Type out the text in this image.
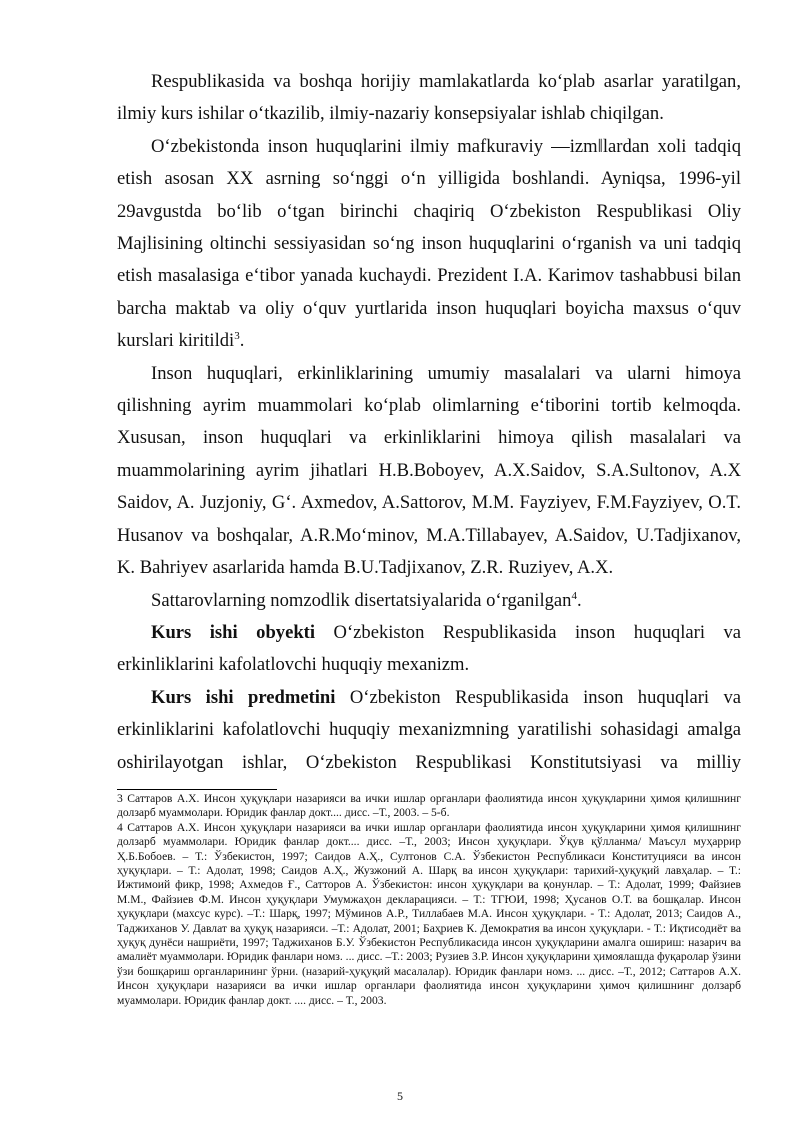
Respublikasida va boshqa horijiy mamlakatlarda ko‘plab asarlar yaratilgan, ilmiy kurs ishilar o‘tkazilib, ilmiy-nazariy konsepsiyalar ishlab chiqilgan.

O‘zbekistonda inson huquqlarini ilmiy mafkuraviy ―izm‖lardan xoli tadqiq etish asosan XX asrning so‘nggi o‘n yilligida boshlandi. Ayniqsa, 1996-yil 29avgustda bo‘lib o‘tgan birinchi chaqiriq O‘zbekiston Respublikasi Oliy Majlisining oltinchi sessiyasidan so‘ng inson huquqlarini o‘rganish va uni tadqiq etish masalasiga e‘tibor yanada kuchaydi. Prezident I.A. Karimov tashabbusi bilan barcha maktab va oliy o‘quv yurtlarida inson huquqlari boyicha maxsus o‘quv kurslari kiritildi$^3$.

Inson huquqlari, erkinliklarining umumiy masalalari va ularni himoya qilishning ayrim muammolari ko‘plab olimlarning e‘tiborini tortib kelmoqda. Xususan, inson huquqlari va erkinliklarini himoya qilish masalalari va muammolarining ayrim jihatlari H.B.Boboyev, A.X.Saidov, S.A.Sultonov, A.X Saidov, A. Juzjoniy, G‘. Axmedov, A.Sattorov, M.M. Fayziyev, F.M.Fayziyev, O.T. Husanov va boshqalar, A.R.Mo‘minov, M.A.Tillabayev, A.Saidov, U.Tadjixanov, K. Bahriyev asarlarida hamda B.U.Tadjixanov, Z.R. Ruziyev, A.X.

Sattarovlarning nomzodlik disertatsiyalarida o‘rganilgan$^4$.

Kurs ishi obyekti O‘zbekiston Respublikasida inson huquqlari va erkinliklarini kafolatlovchi huquqiy mexanizm.

Kurs ishi predmetini O‘zbekiston Respublikasida inson huquqlari va erkinliklarini kafolatlovchi huquqiy mexanizmning yaratilishi sohasidagi amalga oshirilayotgan ishlar, O‘zbekiston Respublikasi Konstitutsiyasi va milliy

3 Саттаров А.Х. Инсон ҳуқуқлари назарияси ва ички ишлар органлари фаолиятида инсон ҳуқуқларини ҳимоя қилишнинг долзарб муаммолари. Юридик фанлар докт.... дисс. –Т., 2003. – 5-б.

4 Саттаров А.Х. Инсон ҳуқуқлари назарияси ва ички ишлар органлари фаолиятида инсон ҳуқуқларини ҳимоя қилишнинг долзарб муаммолари. Юридик фанлар докт.... дисс. –Т., 2003; Инсон ҳуқуқлари. Ўқув қўлланма/ Маъсул муҳаррир Ҳ.Б.Бобоев. – Т.: Ўзбекистон, 1997; Саидов А.Ҳ., Султонов С.А. Ўзбекистон Республикаси Конституцияси ва инсон ҳуқуқлари. – Т.: Адолат, 1998; Саидов А.Ҳ., Жузжоний А. Шарқ ва инсон ҳуқуқлари: тарихий-ҳуқуқий лавҳалар. – Т.: Ижтимоий фикр, 1998; Ахмедов Ғ., Сатторов А. Ўзбекистон: инсон ҳуқуқлари ва қонунлар. – Т.: Адолат, 1999; Файзиев М.М., Файзиев Ф.М. Инсон ҳуқуқлари Умумжаҳон декларацияси. – Т.: ТГЮИ, 1998; Ҳусанов О.Т. ва бошқалар. Инсон ҳуқуқлари (махсус курс). –Т.: Шарқ, 1997; Мўминов А.Р., Тиллабаев М.А. Инсон ҳуқуқлари. - Т.: Адолат, 2013; Саидов А., Таджиханов У. Давлат ва ҳуқуқ назарияси. –Т.: Адолат, 2001; Баҳриев К. Демократия ва инсон ҳуқуқлари. - Т.: Иқтисодиёт ва ҳуқуқ дунёси нашриёти, 1997; Таджиханов Б.У. Ўзбекистон Республикасида инсон ҳуқуқларини амалга ошириш: назарич ва амалиёт муаммолари. Юридик фанлари номз. ... дисс. –Т.: 2003; Рузиев З.Р. Инсон ҳуқуқларини ҳимоялашда фуқаролар ўзини ўзи бошқариш органларининг ўрни. (назарий-ҳуқуқий масалалар). Юридик фанлари номз. ... дисс. –Т., 2012; Саттаров А.Х. Инсон ҳуқуқлари назарияси ва ички ишлар органлари фаолиятида инсон ҳуқуқларини ҳимоч қилишнинг долзарб муаммолари. Юридик фанлар докт. .... дисс. – Т., 2003.

5
